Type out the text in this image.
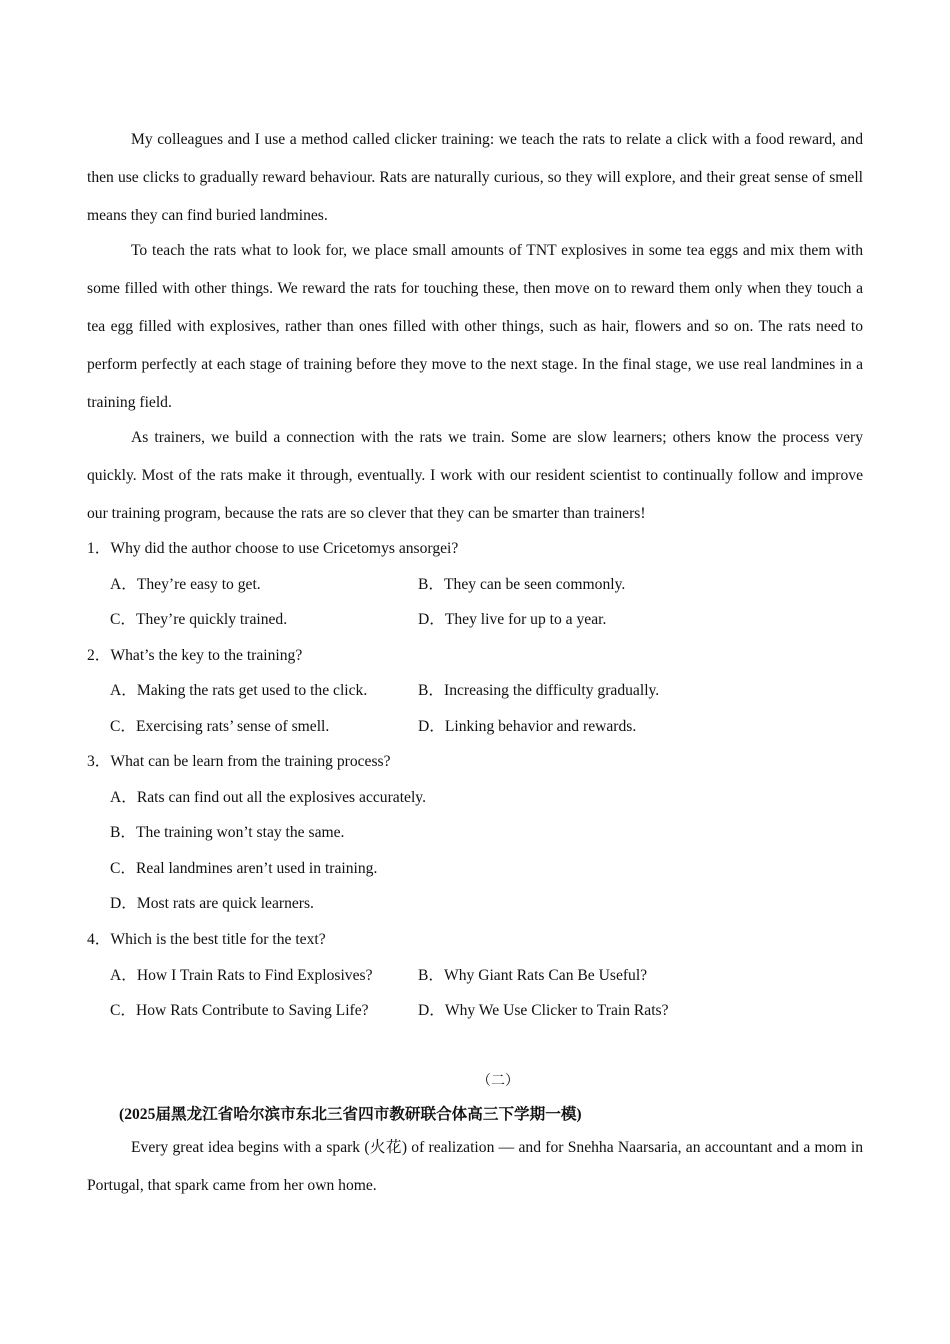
My colleagues and I use a method called clicker training: we teach the rats to relate a click with a food reward, and then use clicks to gradually reward behaviour. Rats are naturally curious, so they will explore, and their great sense of smell means they can find buried landmines.

To teach the rats what to look for, we place small amounts of TNT explosives in some tea eggs and mix them with some filled with other things. We reward the rats for touching these, then move on to reward them only when they touch a tea egg filled with explosives, rather than ones filled with other things, such as hair, flowers and so on. The rats need to perform perfectly at each stage of training before they move to the next stage. In the final stage, we use real landmines in a training field.

As trainers, we build a connection with the rats we train. Some are slow learners; others know the process very quickly. Most of the rats make it through, eventually. I work with our resident scientist to continually follow and improve our training program, because the rats are so clever that they can be smarter than trainers!

1．Why did the author choose to use Cricetomys ansorgei?
A．They’re easy to get.	B．They can be seen commonly.
C．They’re quickly trained.	D．They live for up to a year.
2．What’s the key to the training?
A．Making the rats get used to the click.	B．Increasing the difficulty gradually.
C．Exercising rats’ sense of smell.	D．Linking behavior and rewards.
3．What can be learn from the training process?
A．Rats can find out all the explosives accurately.
B．The training won’t stay the same.
C．Real landmines aren’t used in training.
D．Most rats are quick learners.
4．Which is the best title for the text?
A．How I Train Rats to Find Explosives?	B．Why Giant Rats Can Be Useful?
C．How Rats Contribute to Saving Life?	D．Why We Use Clicker to Train Rats?
（二）
(2025届黑龙江省哈尔滨市东北三省四市教研联合体高三下学期一模)

Every great idea begins with a spark (火花) of realization — and for Snehha Naarsaria, an accountant and a mom in Portugal, that spark came from her own home.
